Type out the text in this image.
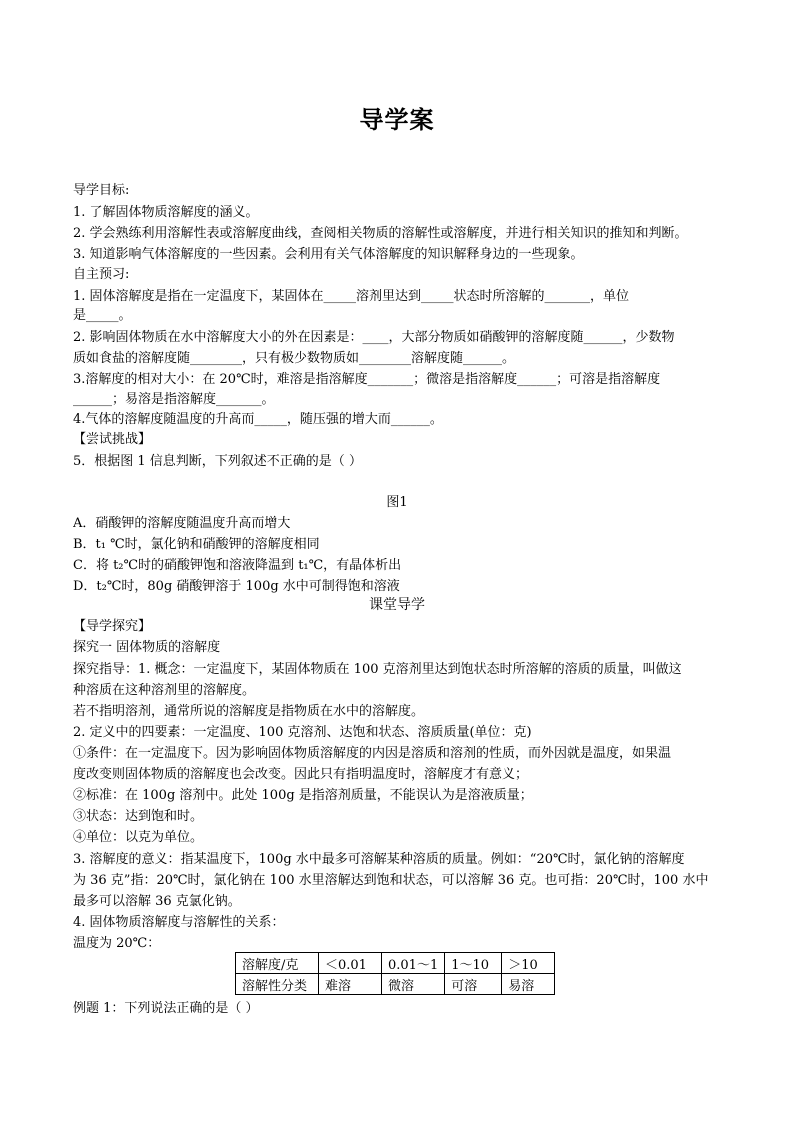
导学案
导学目标:
1. 了解固体物质溶解度的涵义。
2. 学会熟练利用溶解性表或溶解度曲线，查阅相关物质的溶解性或溶解度，并进行相关知识的推知和判断。
3. 知道影响气体溶解度的一些因素。会利用有关气体溶解度的知识解释身边的一些现象。
自主预习:
1. 固体溶解度是指在一定温度下，某固体在_____溶剂里达到_____状态时所溶解的_______，单位
是_____。
2. 影响固体物质在水中溶解度大小的外在因素是：____，大部分物质如硝酸钾的溶解度随______，少数物
质如食盐的溶解度随________，只有极少数物质如________溶解度随______。
3.溶解度的相对大小：在 20℃时，难溶是指溶解度_______；微溶是指溶解度______；可溶是指溶解度
______；易溶是指溶解度_______。
4.气体的溶解度随温度的升高而_____，随压强的增大而______。
【尝试挑战】
5．根据图 1 信息判断，下列叙述不正确的是（ ）
图1
A．硝酸钾的溶解度随温度升高而增大
B．t₁ ℃时，氯化钠和硝酸钾的溶解度相同
C．将 t₂℃时的硝酸钾饱和溶液降温到 t₁℃，有晶体析出
D．t₂℃时，80g 硝酸钾溶于 100g 水中可制得饱和溶液
课堂导学
【导学探究】
探究一 固体物质的溶解度
探究指导：1. 概念：一定温度下，某固体物质在 100 克溶剂里达到饱状态时所溶解的溶质的质量，叫做这
种溶质在这种溶剂里的溶解度。
若不指明溶剂，通常所说的溶解度是指物质在水中的溶解度。
2. 定义中的四要素：一定温度、100 克溶剂、达饱和状态、溶质质量(单位：克)
①条件：在一定温度下。因为影响固体物质溶解度的内因是溶质和溶剂的性质，而外因就是温度，如果温
度改变则固体物质的溶解度也会改变。因此只有指明温度时，溶解度才有意义；
②标准：在 100g 溶剂中。此处 100g 是指溶剂质量，不能误认为是溶液质量；
③状态：达到饱和时。
④单位：以克为单位。
3. 溶解度的意义：指某温度下，100g 水中最多可溶解某种溶质的质量。例如：“20℃时，氯化钠的溶解度
为 36 克”指：20℃时，氯化钠在 100 水里溶解达到饱和状态，可以溶解 36 克。也可指：20℃时，100 水中
最多可以溶解 36 克氯化钠。
4. 固体物质溶解度与溶解性的关系：
温度为 20℃：
溶解度/克	＜0.01	0.01～1	1～10	＞10
溶解性分类	难溶	微溶	可溶	易溶
例题 1：下列说法正确的是（ ）
